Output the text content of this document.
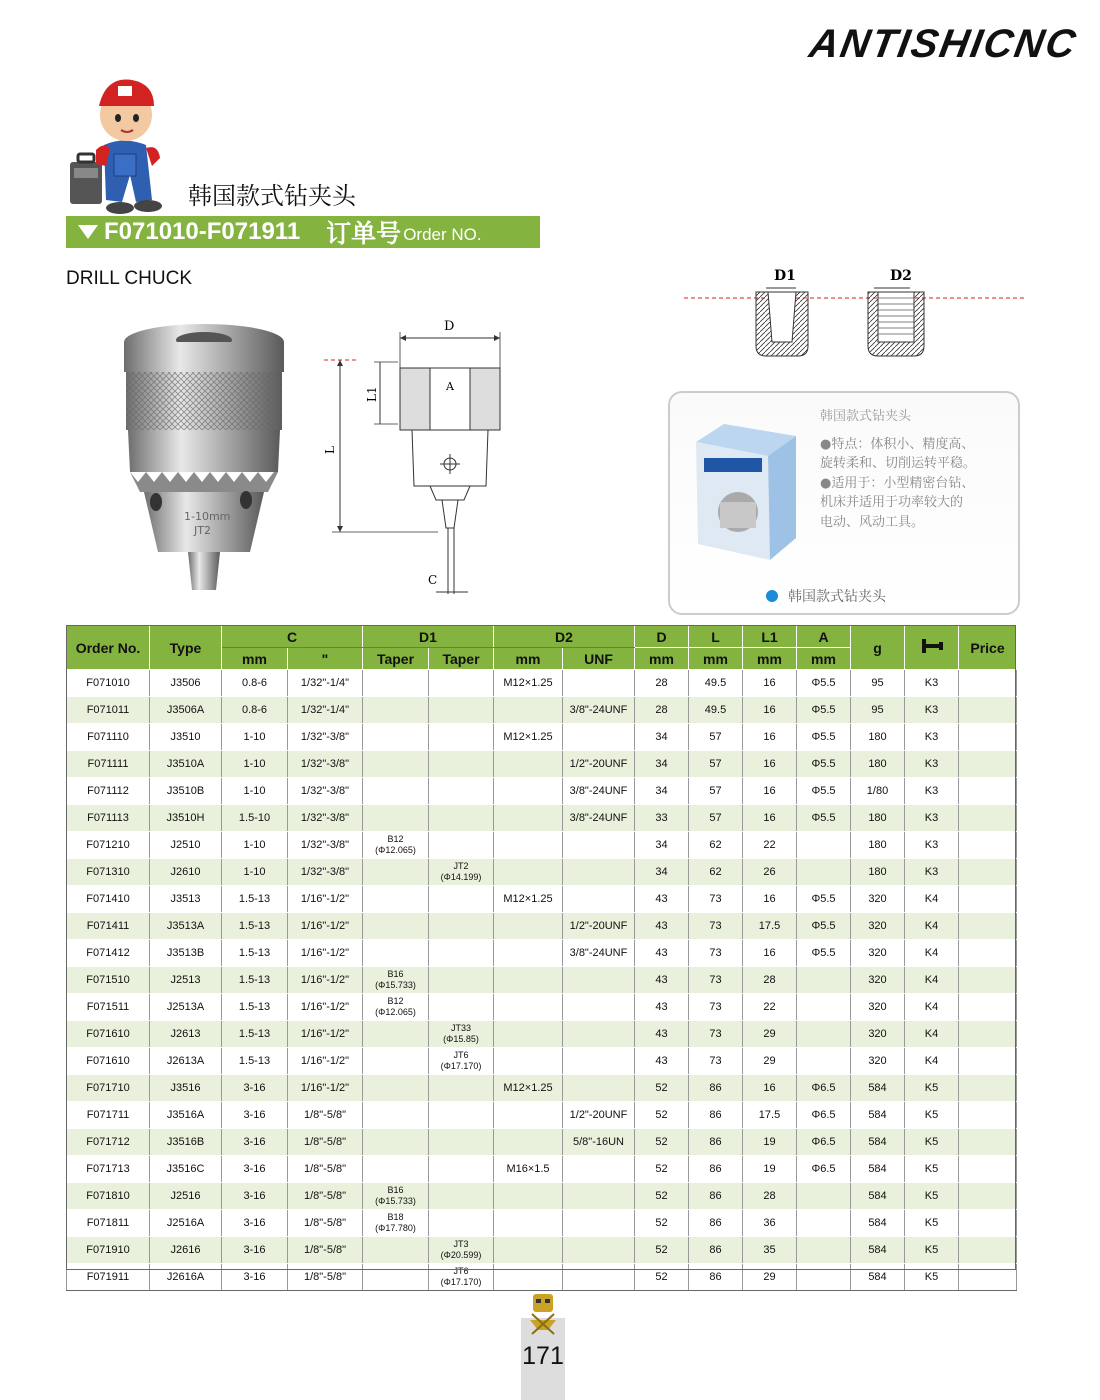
ANTISHICNC
韩国款式钻夹头
F071010-F071911 订单号 Order NO.
DRILL CHUCK
1-10mm
JT2
D
L1
L
A
C
D1	D2
韩国款式钻夹头
●特点：体积小、精度高、
旋转柔和、切削运转平稳。
●适用于：小型精密台钻、
机床并适用于功率较大的
电动、风动工具。
韩国款式钻夹头
Order No.	Type	C		D1		D2		D	L	L1	A	g		Price
		mm	"	Taper	Taper	mm	UNF	mm	mm	mm	mm			
F071010	J3506	0.8-6	1/32"-1/4"			M12×1.25		28	49.5	16	Φ5.5	95	K3	
F071011	J3506A	0.8-6	1/32"-1/4"				3/8"-24UNF	28	49.5	16	Φ5.5	95	K3	
F071110	J3510	1-10	1/32"-3/8"			M12×1.25		34	57	16	Φ5.5	180	K3	
F071111	J3510A	1-10	1/32"-3/8"				1/2"-20UNF	34	57	16	Φ5.5	180	K3	
F071112	J3510B	1-10	1/32"-3/8"				3/8"-24UNF	34	57	16	Φ5.5	1/80	K3	
F071113	J3510H	1.5-10	1/32"-3/8"				3/8"-24UNF	33	57	16	Φ5.5	180	K3	
F071210	J2510	1-10	1/32"-3/8"	B12
(Φ12.065)				34	62	22		180	K3	
F071310	J2610	1-10	1/32"-3/8"		JT2
(Φ14.199)			34	62	26		180	K3	
F071410	J3513	1.5-13	1/16"-1/2"			M12×1.25		43	73	16	Φ5.5	320	K4	
F071411	J3513A	1.5-13	1/16"-1/2"				1/2"-20UNF	43	73	17.5	Φ5.5	320	K4	
F071412	J3513B	1.5-13	1/16"-1/2"				3/8"-24UNF	43	73	16	Φ5.5	320	K4	
F071510	J2513	1.5-13	1/16"-1/2"	B16
(Φ15.733)				43	73	28		320	K4	
F071511	J2513A	1.5-13	1/16"-1/2"	B12
(Φ12.065)				43	73	22		320	K4	
F071610	J2613	1.5-13	1/16"-1/2"		JT33
(Φ15.85)			43	73	29		320	K4	
F071610	J2613A	1.5-13	1/16"-1/2"		JT6
(Φ17.170)			43	73	29		320	K4	
F071710	J3516	3-16	1/16"-1/2"			M12×1.25		52	86	16	Φ6.5	584	K5	
F071711	J3516A	3-16	1/8"-5/8"				1/2"-20UNF	52	86	17.5	Φ6.5	584	K5	
F071712	J3516B	3-16	1/8"-5/8"				5/8"-16UN	52	86	19	Φ6.5	584	K5	
F071713	J3516C	3-16	1/8"-5/8"			M16×1.5		52	86	19	Φ6.5	584	K5	
F071810	J2516	3-16	1/8"-5/8"	B16
(Φ15.733)				52	86	28		584	K5	
F071811	J2516A	3-16	1/8"-5/8"	B18
(Φ17.780)				52	86	36		584	K5	
F071910	J2616	3-16	1/8"-5/8"		JT3
(Φ20.599)			52	86	35		584	K5	
F071911	J2616A	3-16	1/8"-5/8"		JT6
(Φ17.170)			52	86	29		584	K5	
171
